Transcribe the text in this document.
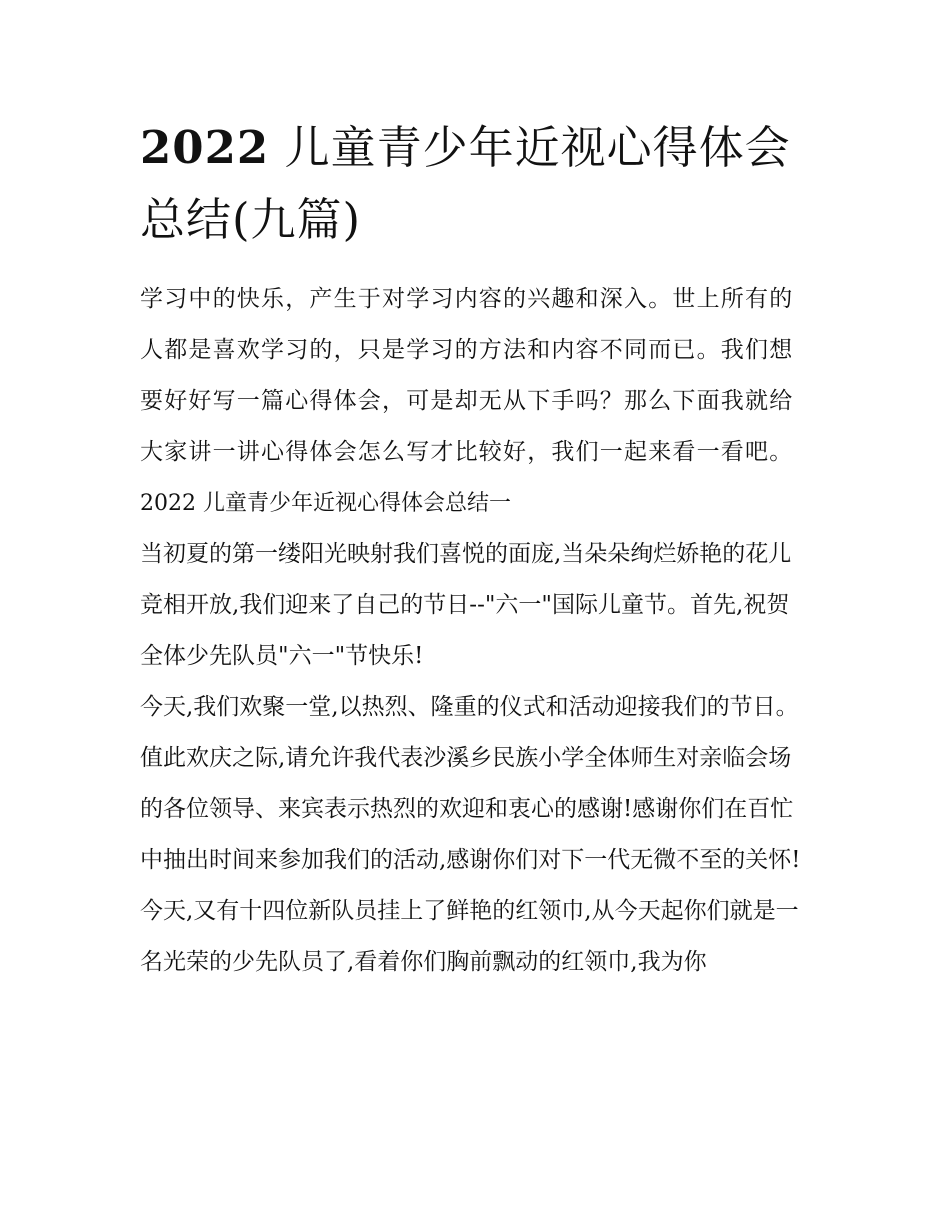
2022 儿童青少年近视心得体会总结(九篇)

学习中的快乐，产生于对学习内容的兴趣和深入。世上所有的人都是喜欢学习的，只是学习的方法和内容不同而已。我们想要好好写一篇心得体会，可是却无从下手吗？那么下面我就给大家讲一讲心得体会怎么写才比较好，我们一起来看一看吧。

2022 儿童青少年近视心得体会总结一

当初夏的第一缕阳光映射我们喜悦的面庞,当朵朵绚烂娇艳的花儿竞相开放,我们迎来了自己的节日--"六一"国际儿童节。首先,祝贺全体少先队员"六一"节快乐!

今天,我们欢聚一堂,以热烈、隆重的仪式和活动迎接我们的节日。

值此欢庆之际,请允许我代表沙溪乡民族小学全体师生对亲临会场的各位领导、来宾表示热烈的欢迎和衷心的感谢!感谢你们在百忙中抽出时间来参加我们的活动,感谢你们对下一代无微不至的关怀!

今天,又有十四位新队员挂上了鲜艳的红领巾,从今天起你们就是一名光荣的少先队员了,看着你们胸前飘动的红领巾,我为你
